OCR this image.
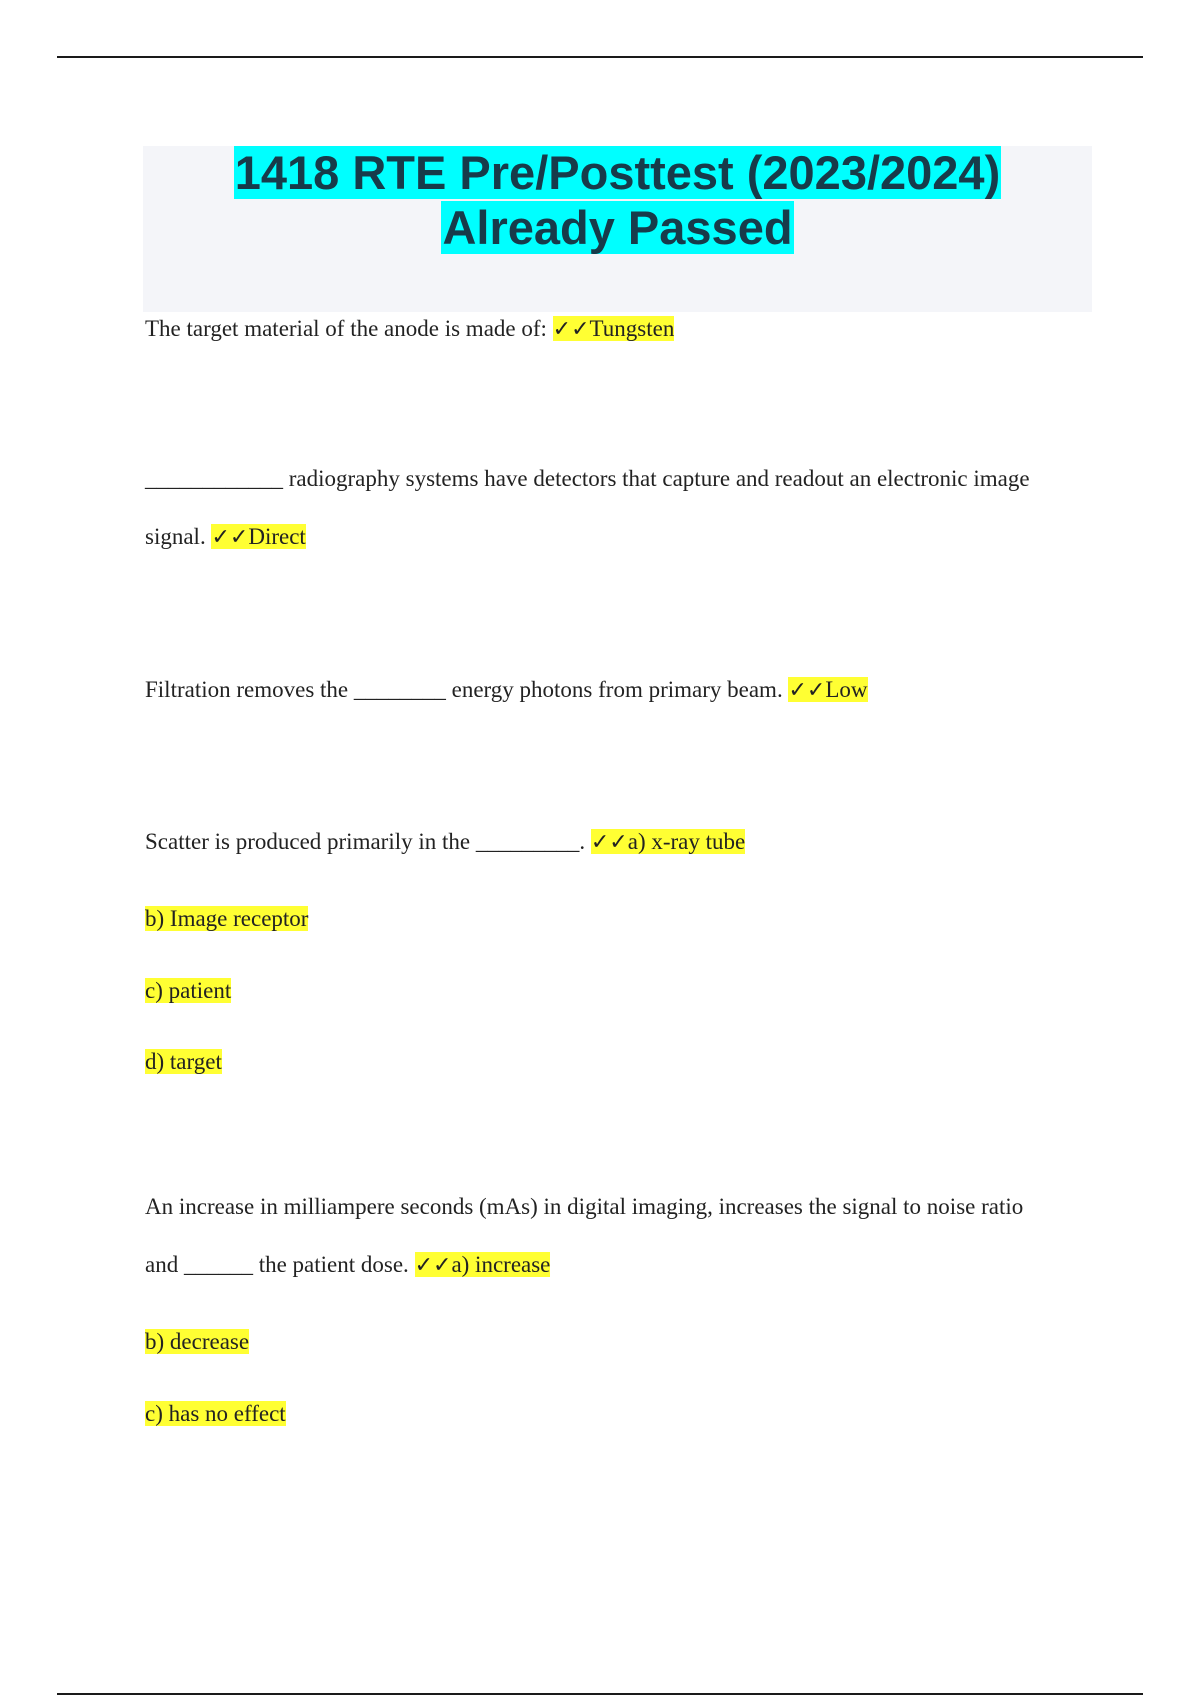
1418 RTE Pre/Posttest (2023/2024)
Already Passed
The target material of the anode is made of: ✓✓Tungsten
____________ radiography systems have detectors that capture and readout an electronic image
signal. ✓✓Direct
Filtration removes the ________ energy photons from primary beam. ✓✓Low
Scatter is produced primarily in the _________. ✓✓a) x-ray tube
b) Image receptor
c) patient
d) target
An increase in milliampere seconds (mAs) in digital imaging, increases the signal to noise ratio
and ______ the patient dose. ✓✓a) increase
b) decrease
c) has no effect
